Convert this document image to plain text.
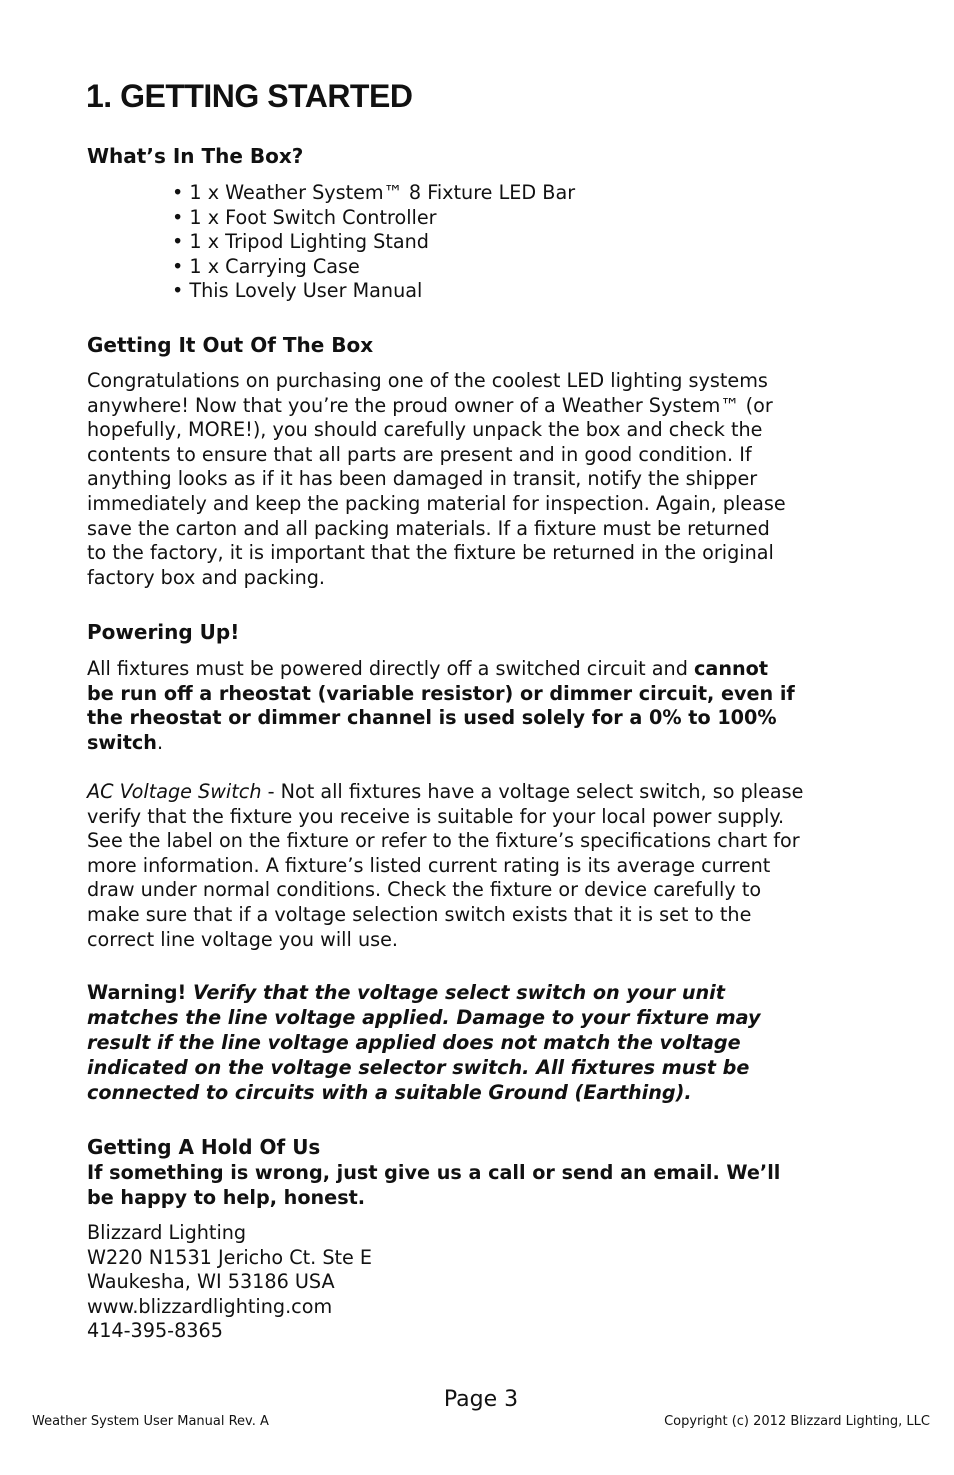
1. GETTING STARTED
What’s In The Box?
• 1 x Weather System™ 8 Fixture LED Bar
• 1 x Foot Switch Controller
• 1 x Tripod Lighting Stand
• 1 x Carrying Case
• This Lovely User Manual
Getting It Out Of The Box
Congratulations on purchasing one of the coolest LED lighting systems
anywhere! Now that you’re the proud owner of a Weather System™ (or
hopefully, MORE!), you should carefully unpack the box and check the
contents to ensure that all parts are present and in good condition. If
anything looks as if it has been damaged in transit, notify the shipper
immediately and keep the packing material for inspection. Again, please
save the carton and all packing materials. If a fixture must be returned
to the factory, it is important that the fixture be returned in the original
factory box and packing.
Powering Up!
All fixtures must be powered directly off a switched circuit and cannot
be run off a rheostat (variable resistor) or dimmer circuit, even if
the rheostat or dimmer channel is used solely for a 0% to 100%
switch.
AC Voltage Switch - Not all fixtures have a voltage select switch, so please
verify that the fixture you receive is suitable for your local power supply.
See the label on the fixture or refer to the fixture’s specifications chart for
more information. A fixture’s listed current rating is its average current
draw under normal conditions. Check the fixture or device carefully to
make sure that if a voltage selection switch exists that it is set to the
correct line voltage you will use.
Warning! Verify that the voltage select switch on your unit
matches the line voltage applied. Damage to your fixture may
result if the line voltage applied does not match the voltage
indicated on the voltage selector switch. All fixtures must be
connected to circuits with a suitable Ground (Earthing).
Getting A Hold Of Us
If something is wrong, just give us a call or send an email. We’ll
be happy to help, honest.
Blizzard Lighting
W220 N1531 Jericho Ct. Ste E
Waukesha, WI 53186 USA
www.blizzardlighting.com
414-395-8365
Page 3
Weather System User Manual Rev. A	Copyright (c) 2012 Blizzard Lighting, LLC
